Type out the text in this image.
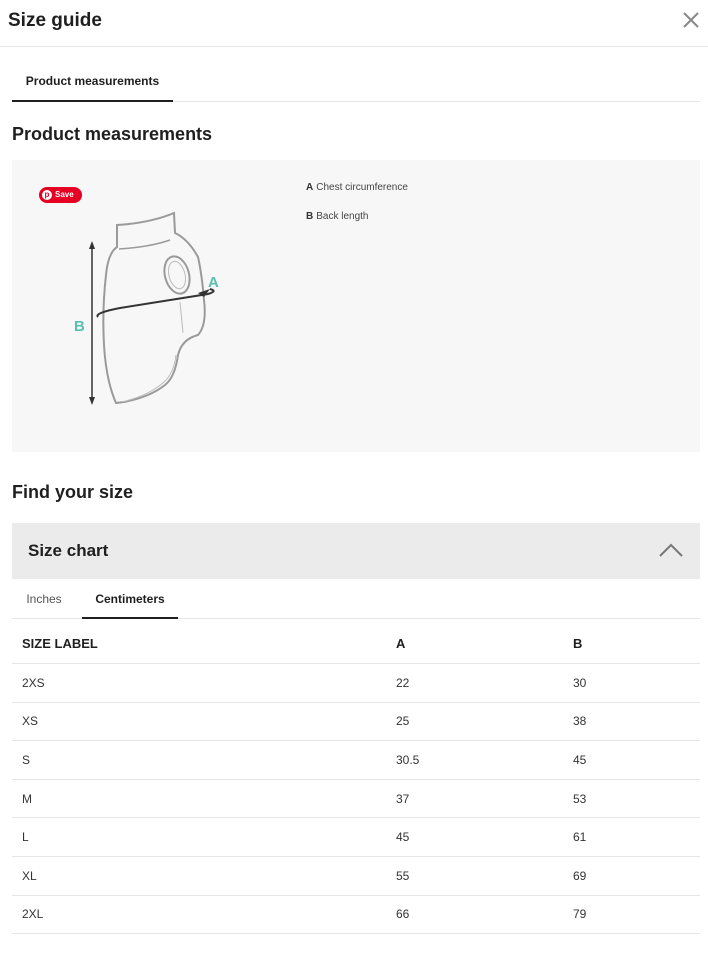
Size guide
Product measurements
Product measurements
p Save
A
B
A Chest circumference
B Back length
Find your size
Size chart
Inches	Centimeters
SIZE LABEL	A	B
2XS	22	30
XS	25	38
S	30.5	45
M	37	53
L	45	61
XL	55	69
2XL	66	79
